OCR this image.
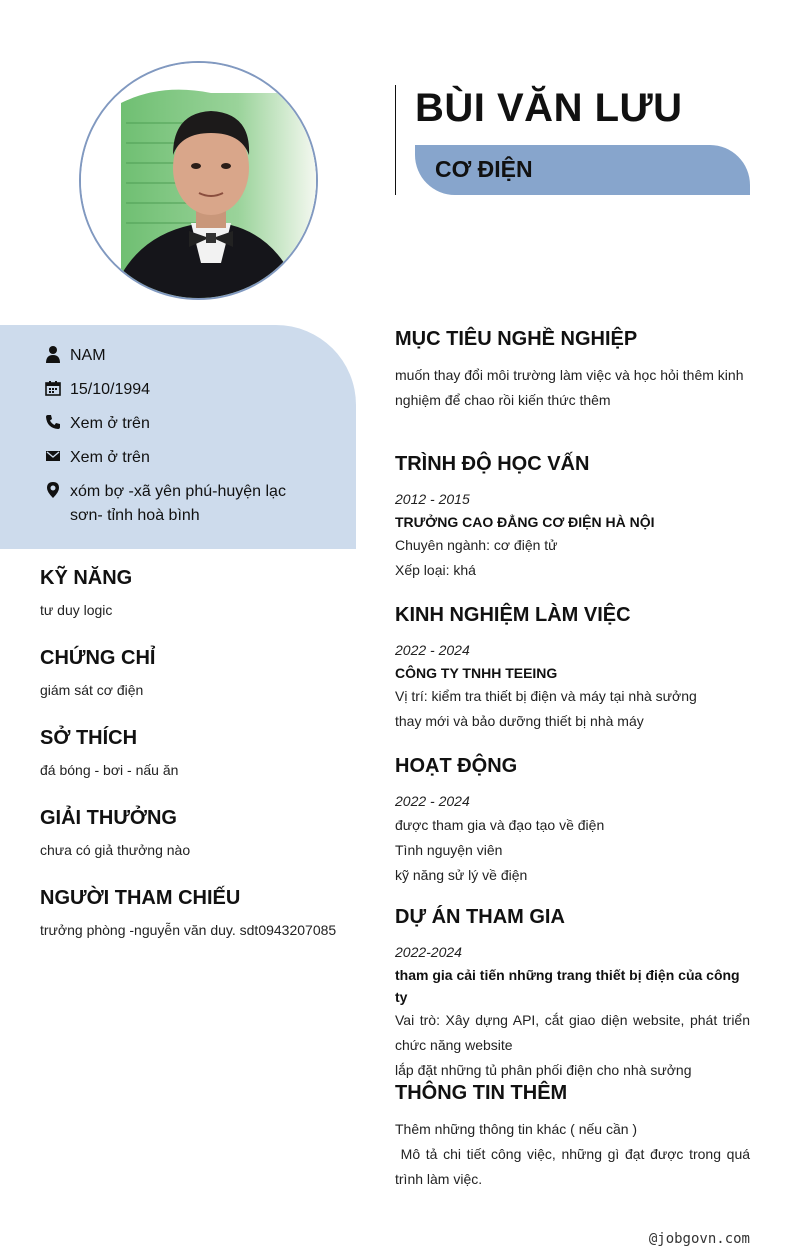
BÙI VĂN LƯU
CƠ ĐIỆN
NAM
15/10/1994
Xem ở trên
Xem ở trên
xóm bợ -xã yên phú-huyện lạc sơn- tỉnh hoà bình
KỸ NĂNG
tư duy logic
CHỨNG CHỈ
giám sát cơ điện
SỞ THÍCH
đá bóng - bơi - nấu ăn
GIẢI THƯỞNG
chưa có giả thưởng nào
NGƯỜI THAM CHIẾU
trưởng phòng -nguyễn văn duy. sdt0943207085
MỤC TIÊU NGHỀ NGHIỆP
muốn thay đổi môi trường làm việc và học hỏi thêm kinh nghiệm để chao rồi kiến thức thêm
TRÌNH ĐỘ HỌC VẤN
2012 - 2015
TRƯỞNG CAO ĐẲNG CƠ ĐIỆN HÀ NỘI
Chuyên ngành: cơ điện tử
Xếp loại: khá
KINH NGHIỆM LÀM VIỆC
2022 - 2024
CÔNG TY TNHH TEEING
Vị trí: kiểm tra thiết bị điện và máy tại nhà sưởng
thay mới và bảo dưỡng thiết bị nhà máy
HOẠT ĐỘNG
2022 - 2024
được tham gia và đạo tạo về điện
Tình nguyện viên
kỹ năng sử lý về điện
DỰ ÁN THAM GIA
2022-2024
tham gia cải tiến những trang thiết bị điện của công ty
Vai trò: Xây dựng API, cắt giao diện website, phát triển chức năng website
lắp đặt những tủ phân phối điện cho nhà sưởng
THÔNG TIN THÊM
Thêm những thông tin khác ( nếu cần )
Mô tả chi tiết công việc, những gì đạt được trong quá trình làm việc.
@jobgovn.com
